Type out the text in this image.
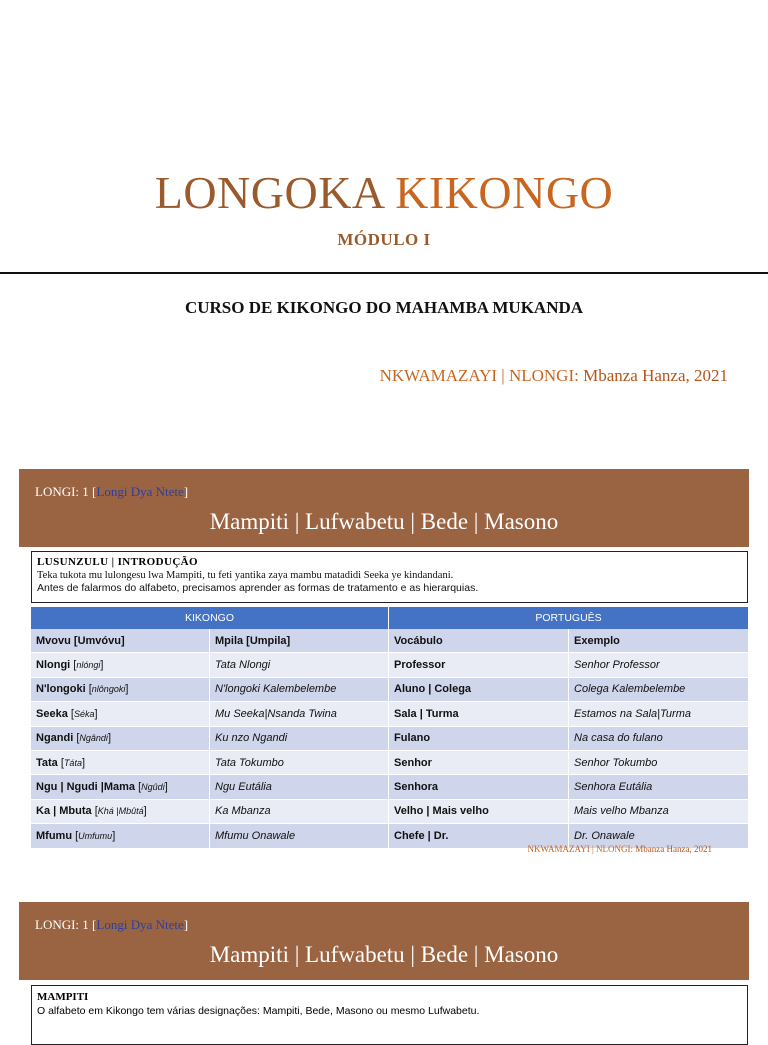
LONGOKA KIKONGO
MÓDULO I
CURSO DE KIKONGO DO MAHAMBA MUKANDA
NKWAMAZAYI | NLONGI: Mbanza Hanza, 2021
LONGI: 1 [Longi Dya Ntete]
Mampiti | Lufwabetu | Bede | Masono
LUSUNZULU | INTRODUÇÃO
Teka tukota mu lulongesu lwa Mampiti, tu feti yantika zaya mambu matadidi Seeka ye kindandani.
Antes de falarmos do alfabeto, precisamos aprender as formas de tratamento e as hierarquias.
KIKONGO		PORTUGUÊS	
Mvovu [Umvóvu]	Mpila [Umpila]	Vocábulo	Exemplo
Nlongi [nlóngi]	Tata Nlongi	Professor	Senhor Professor
N'longoki [nlôngoki]	N'longoki Kalembelembe	Aluno | Colega	Colega Kalembelembe
Seeka [Séka]	Mu Seeka|Nsanda Twina	Sala | Turma	Estamos na Sala|Turma
Ngandi [Ngândi]	Ku nzo Ngandi	Fulano	Na casa do fulano
Tata [Táta]	Tata Tokumbo	Senhor	Senhor Tokumbo
Ngu | Ngudi |Mama [Ngûdi]	Ngu Eutália	Senhora	Senhora Eutália
Ka | Mbuta [Khá |Mbûtá]	Ka Mbanza	Velho | Mais velho	Mais velho Mbanza
Mfumu [Umfumu]	Mfumu Onawale	Chefe | Dr.	Dr. Onawale
NKWAMAZAYI | NLONGI: Mbanza Hanza, 2021
LONGI: 1 [Longi Dya Ntete]
Mampiti | Lufwabetu | Bede | Masono
MAMPITI
O alfabeto em Kikongo tem várias designações: Mampiti, Bede, Masono ou mesmo Lufwabetu.
